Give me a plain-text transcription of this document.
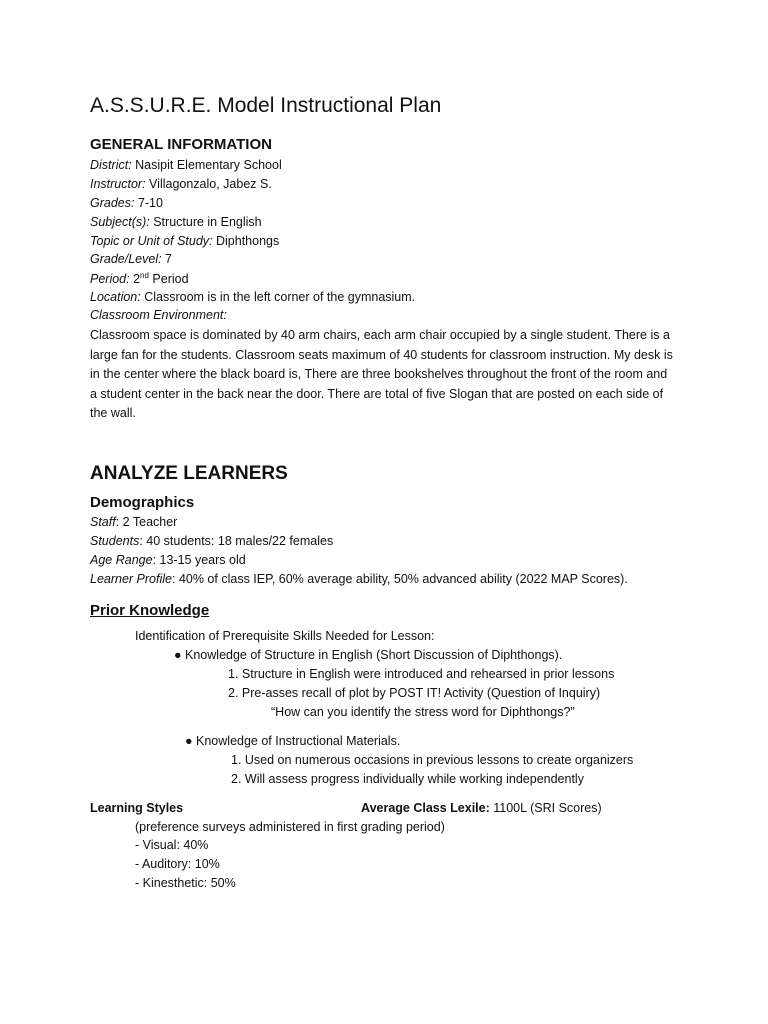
A.S.S.U.R.E. Model Instructional Plan
GENERAL INFORMATION
District: Nasipit Elementary School
Instructor: Villagonzalo, Jabez S.
Grades: 7-10
Subject(s): Structure in English
Topic or Unit of Study: Diphthongs
Grade/Level: 7
Period: 2nd Period
Location: Classroom is in the left corner of the gymnasium.
Classroom Environment:
Classroom space is dominated by 40 arm chairs, each arm chair occupied by a single student. There is a large fan for the students. Classroom seats maximum of 40 students for classroom instruction. My desk is in the center where the black board is, There are three bookshelves throughout the front of the room and a student center in the back near the door. There are total of five Slogan that are posted on each side of the wall.
ANALYZE LEARNERS
Demographics
Staff: 2 Teacher
Students: 40 students: 18 males/22 females
Age Range: 13-15 years old
Learner Profile: 40% of class IEP, 60% average ability, 50% advanced ability (2022 MAP Scores).
Prior Knowledge
Identification of Prerequisite Skills Needed for Lesson:
● Knowledge of Structure in English (Short Discussion of Diphthongs).
1. Structure in English were introduced and rehearsed in prior lessons
2. Pre-asses recall of plot by POST IT! Activity (Question of Inquiry)
“How can you identify the stress word for Diphthongs?”
● Knowledge of Instructional Materials.
1. Used on numerous occasions in previous lessons to create organizers
2. Will assess progress individually while working independently
Learning Styles	Average Class Lexile: 1100L (SRI Scores)
(preference surveys administered in first grading period)
- Visual: 40%
- Auditory: 10%
- Kinesthetic: 50%
